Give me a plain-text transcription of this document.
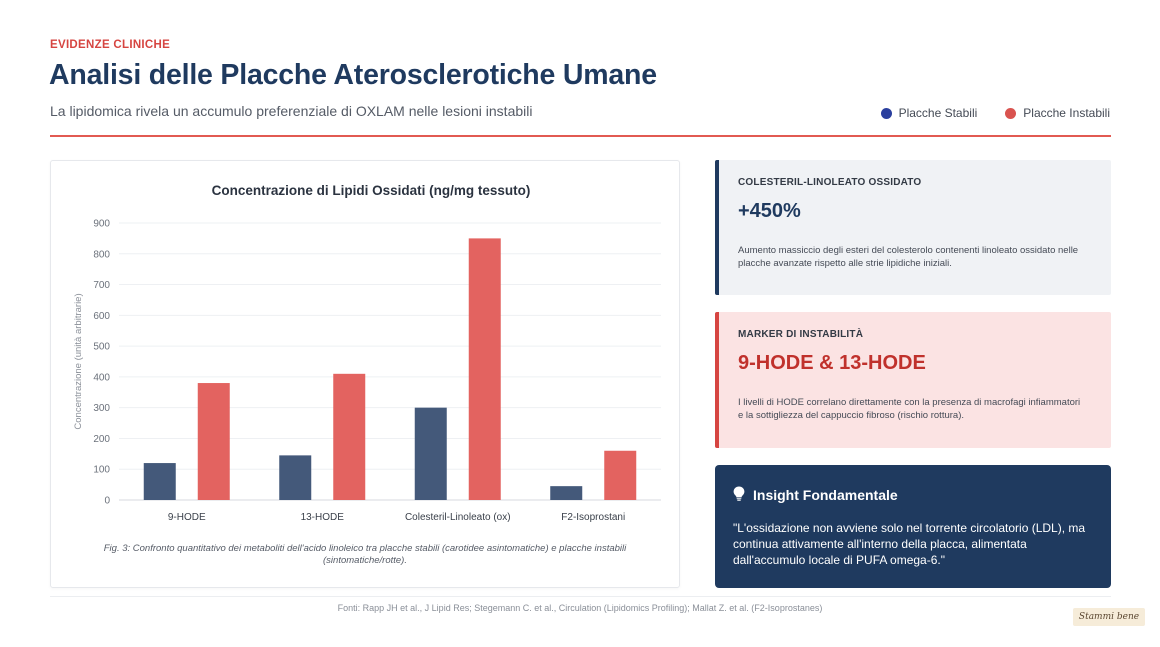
EVIDENZE CLINICHE
Analisi delle Placche Aterosclerotiche Umane
La lipidomica rivela un accumulo preferenziale di OXLAM nelle lesioni instabili	Placche Stabili	Placche Instabili
Concentrazione di Lipidi Ossidati (ng/mg tessuto)
0
100
200
300
400
500
600
700
800
900
Concentrazione (unità arbitrarie)
9-HODE	13-HODE	Colesteril-Linoleato (ox)	F2-Isoprostani
Fig. 3: Confronto quantitativo dei metaboliti dell'acido linoleico tra placche stabili (carotidee asintomatiche) e placche instabili (sintomatiche/rotte).
COLESTERIL-LINOLEATO OSSIDATO
+450%
Aumento massiccio degli esteri del colesterolo contenenti linoleato ossidato nelle placche avanzate rispetto alle strie lipidiche iniziali.
MARKER DI INSTABILITÀ
9-HODE & 13-HODE
I livelli di HODE correlano direttamente con la presenza di macrofagi infiammatori e la sottigliezza del cappuccio fibroso (rischio rottura).
Insight Fondamentale
"L'ossidazione non avviene solo nel torrente circolatorio (LDL), ma continua attivamente all'interno della placca, alimentata dall'accumulo locale di PUFA omega-6."
Fonti: Rapp JH et al., J Lipid Res; Stegemann C. et al., Circulation (Lipidomics Profiling); Mallat Z. et al. (F2-Isoprostanes)
Stammi bene
